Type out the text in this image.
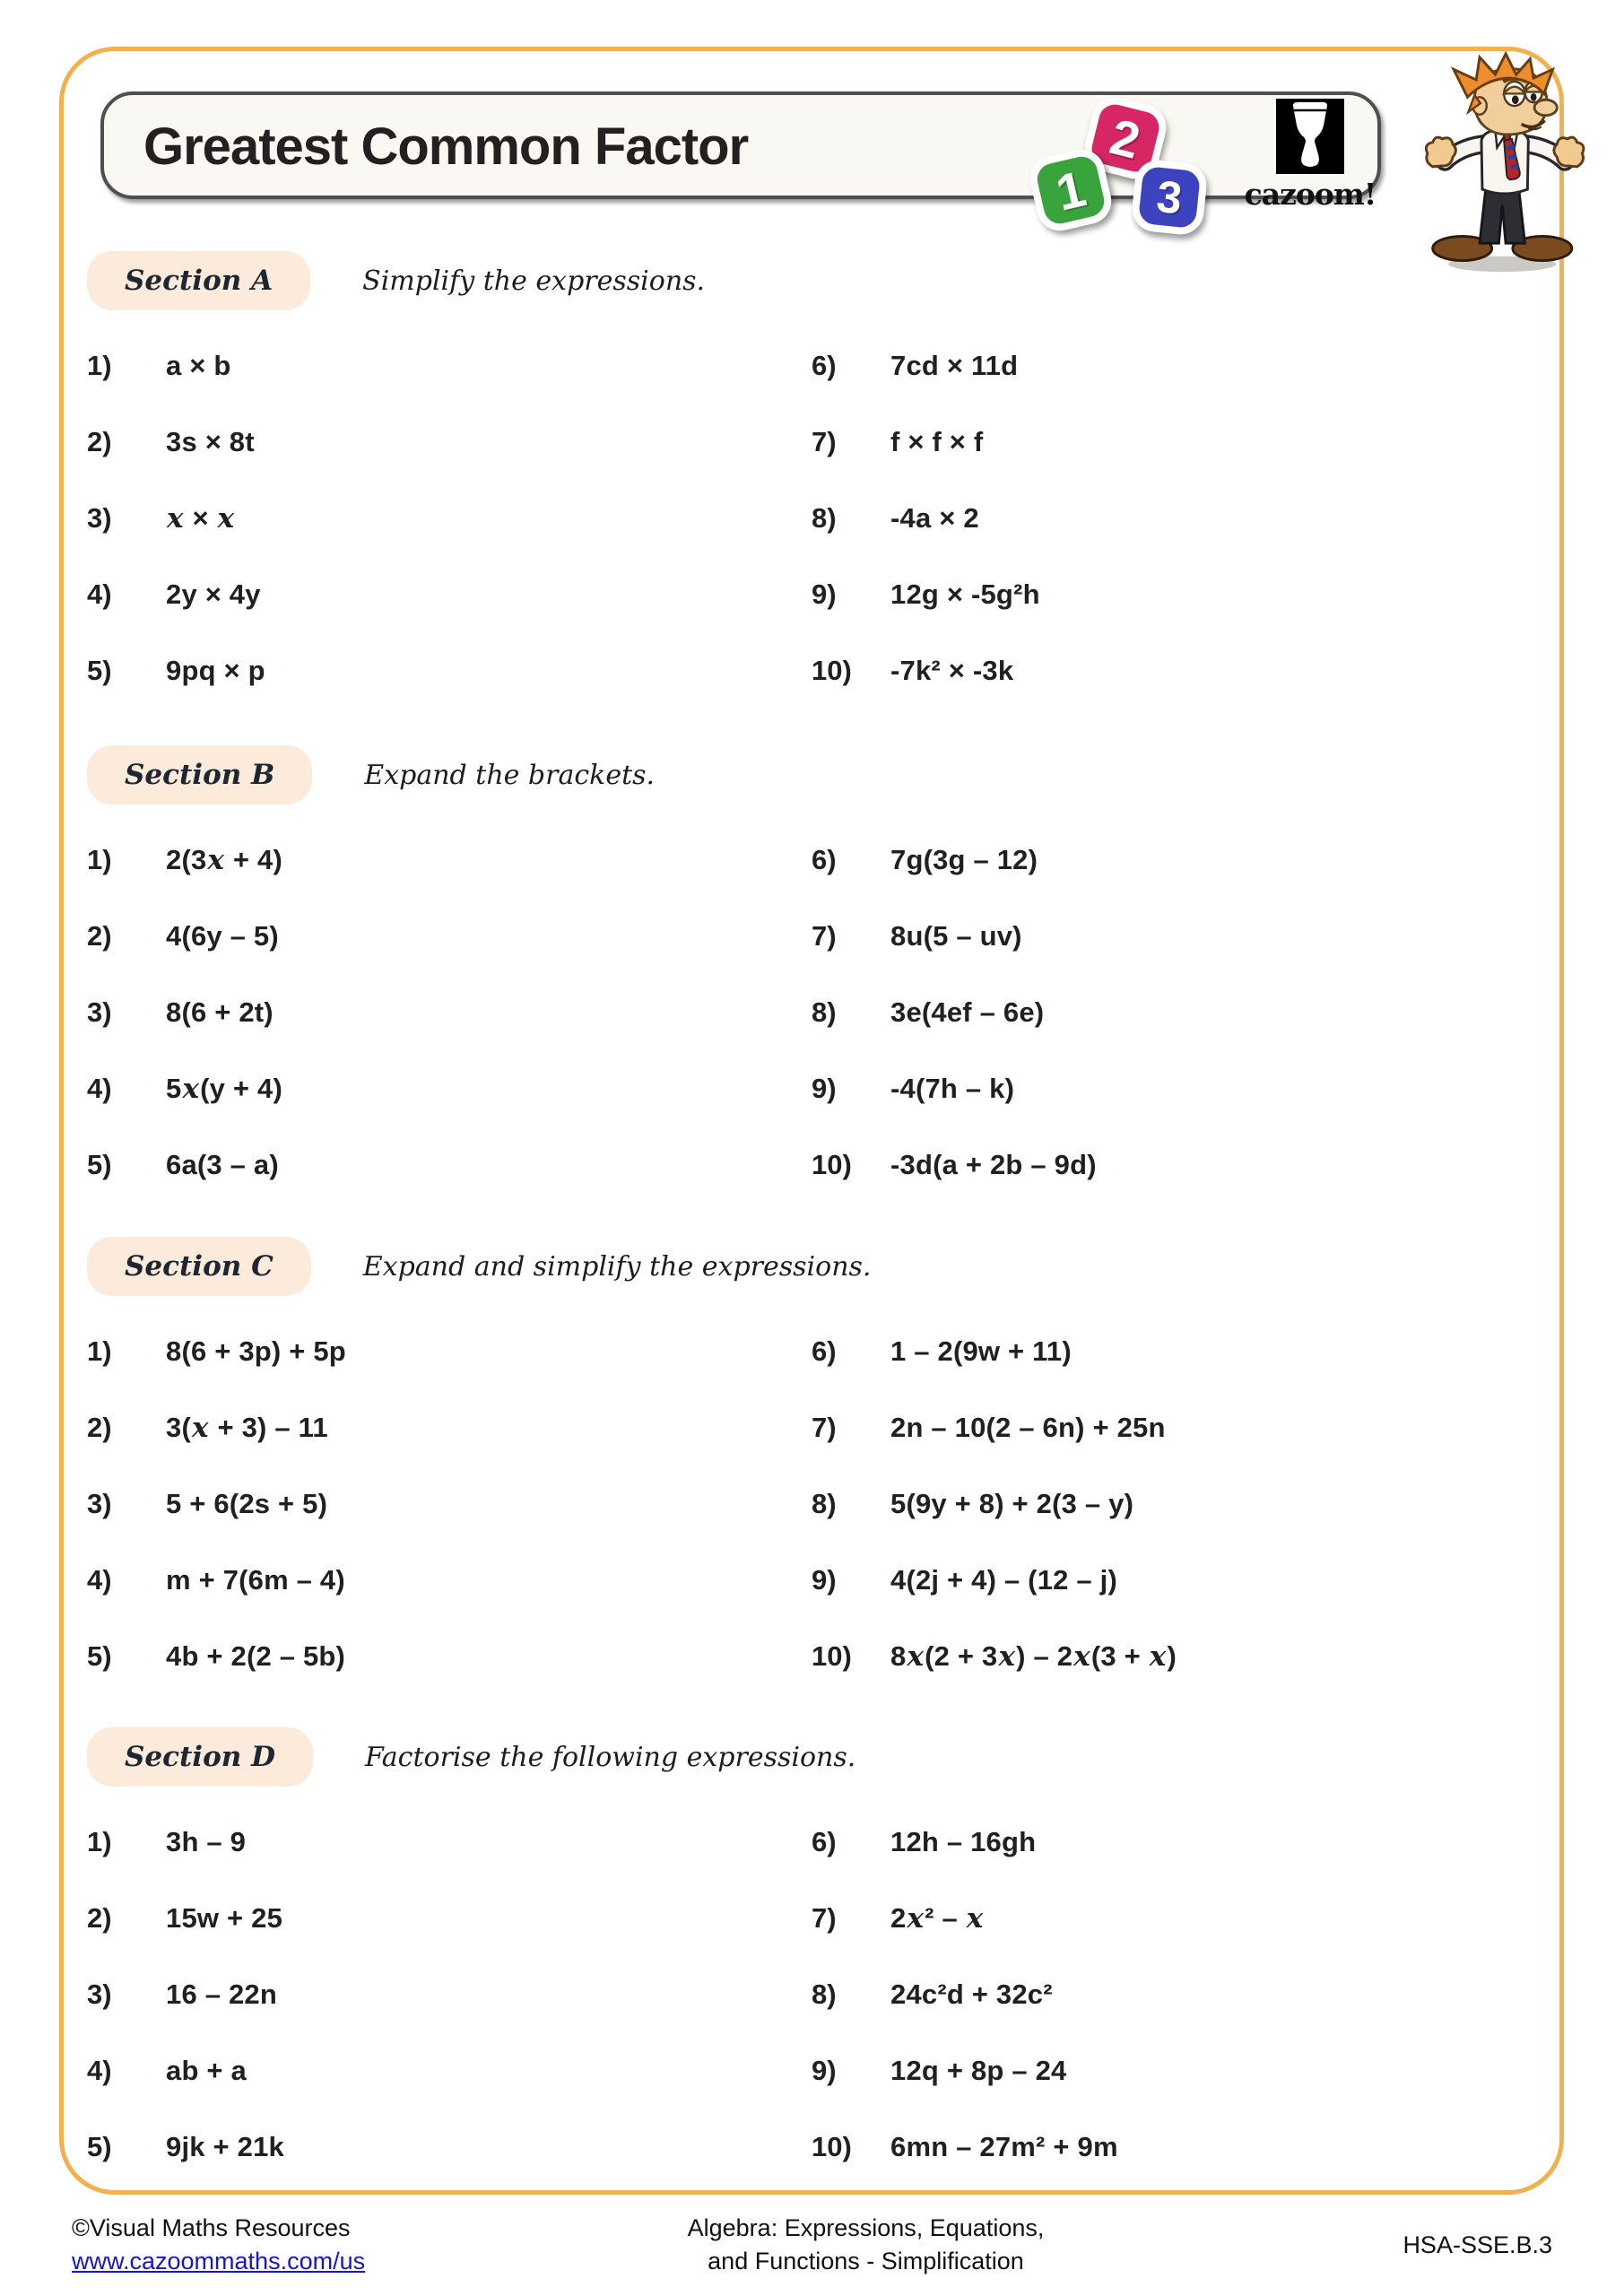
Greatest Common Factor
1
2
3	cazoom!
Section A	Simplify the expressions.
1)	a × b	6)	7cd × 11d
2)	3s × 8t	7)	f × f × f
3)	x × x	8)	-4a × 2
4)	2y × 4y	9)	12g × -5g²h
5)	9pq × p	10)	-7k² × -3k
Section B	Expand the brackets.
1)	2(3x + 4)	6)	7g(3g – 12)
2)	4(6y – 5)	7)	8u(5 – uv)
3)	8(6 + 2t)	8)	3e(4ef – 6e)
4)	5x(y + 4)	9)	-4(7h – k)
5)	6a(3 – a)	10)	-3d(a + 2b – 9d)
Section C	Expand and simplify the expressions.
1)	8(6 + 3p) + 5p	6)	1 – 2(9w + 11)
2)	3(x + 3) – 11	7)	2n – 10(2 – 6n) + 25n
3)	5 + 6(2s + 5)	8)	5(9y + 8) + 2(3 – y)
4)	m + 7(6m – 4)	9)	4(2j + 4) – (12 – j)
5)	4b + 2(2 – 5b)	10)	8x(2 + 3x) – 2x(3 + x)
Section D	Factorise the following expressions.
1)	3h – 9	6)	12h – 16gh
2)	15w + 25	7)	2x² – x
3)	16 – 22n	8)	24c²d + 32c²
4)	ab + a	9)	12q + 8p – 24
5)	9jk + 21k	10)	6mn – 27m² + 9m
©Visual Maths Resources
www.cazoommaths.com/us
Algebra: Expressions, Equations,
and Functions - Simplification
HSA-SSE.B.3
